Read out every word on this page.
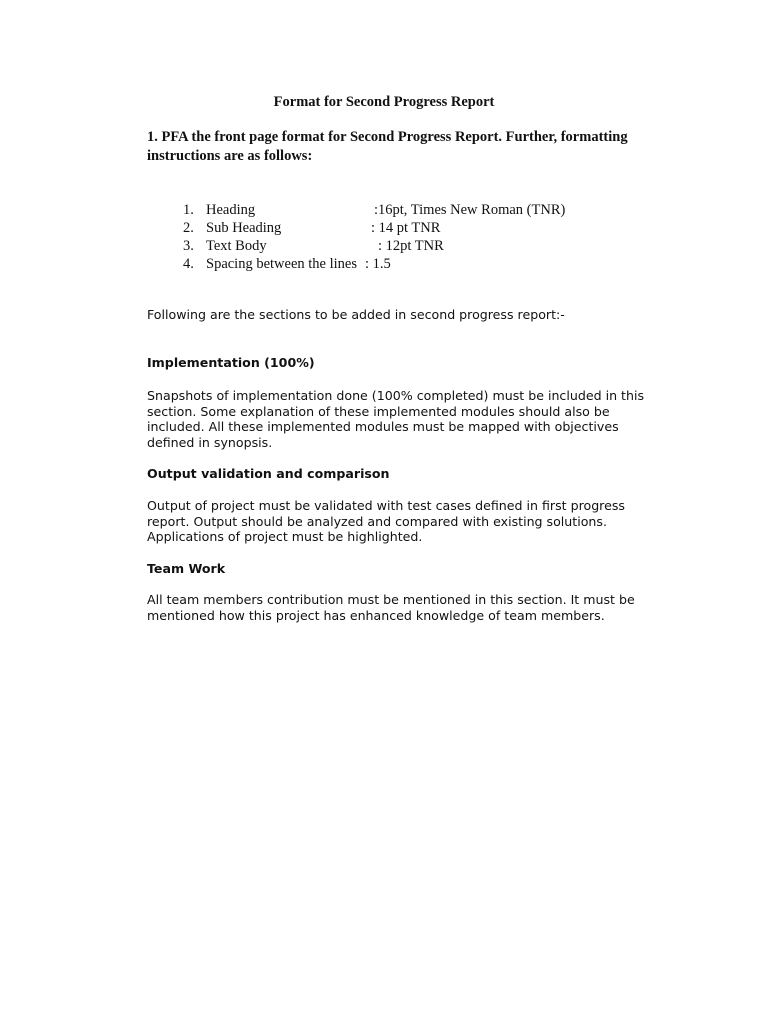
Format for Second Progress Report

1. PFA the front page format for Second Progress Report. Further, formatting
instructions are as follows:

1. Heading	:16pt, Times New Roman (TNR)
2. Sub Heading	: 14 pt TNR
3. Text Body	: 12pt TNR
4. Spacing between the lines : 1.5

Following are the sections to be added in second progress report:-

Implementation (100%)

Snapshots of implementation done (100% completed) must be included in this
section. Some explanation of these implemented modules should also be
included. All these implemented modules must be mapped with objectives
defined in synopsis.

Output validation and comparison

Output of project must be validated with test cases defined in first progress
report. Output should be analyzed and compared with existing solutions.
Applications of project must be highlighted.

Team Work

All team members contribution must be mentioned in this section. It must be
mentioned how this project has enhanced knowledge of team members.
